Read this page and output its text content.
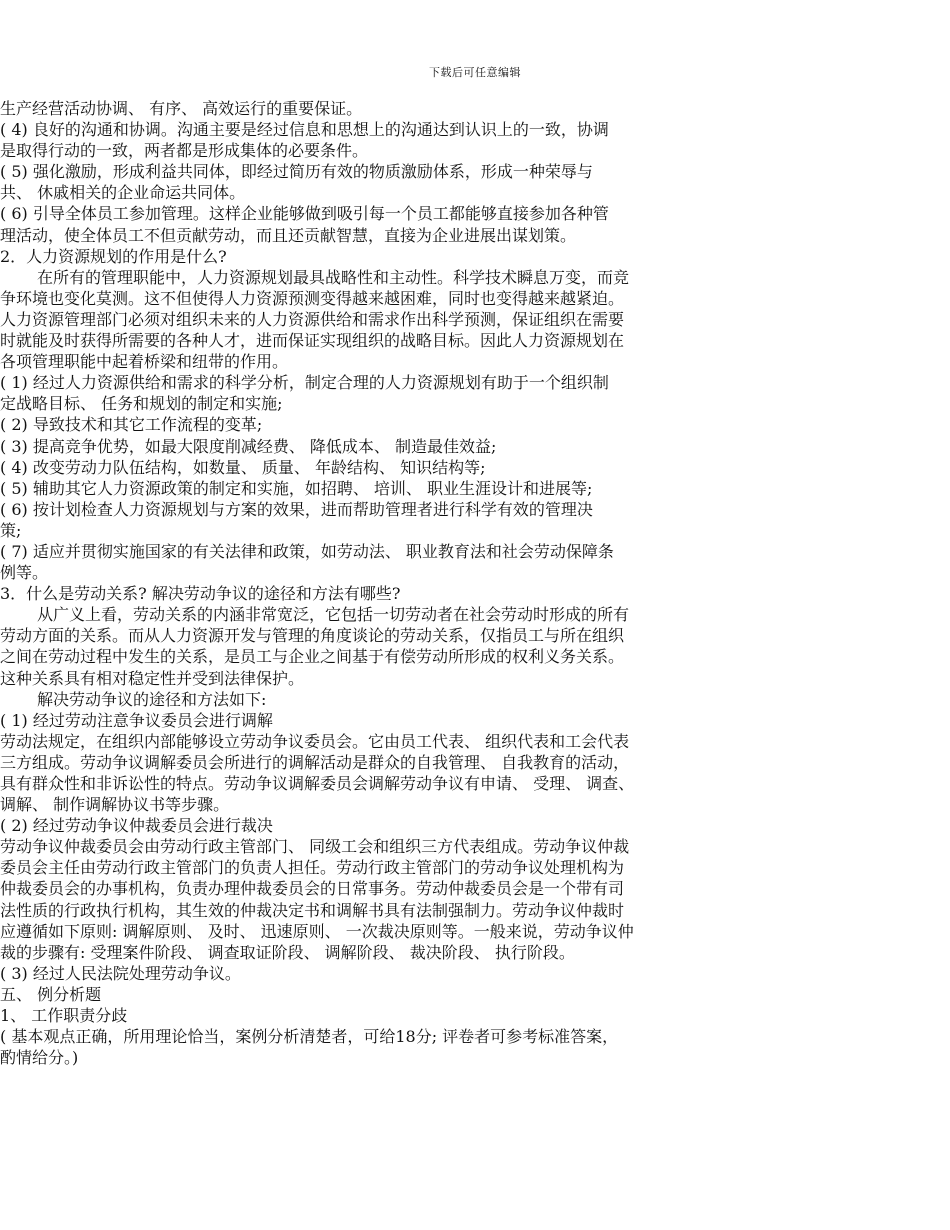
下载后可任意编辑
生产经营活动协调、 有序、 高效运行的重要保证。
( 4) 良好的沟通和协调。沟通主要是经过信息和思想上的沟通达到认识上的一致，协调
是取得行动的一致，两者都是形成集体的必要条件。
( 5) 强化激励，形成利益共同体，即经过简历有效的物质激励体系，形成一种荣辱与
共、 休戚相关的企业命运共同体。
( 6) 引导全体员工参加管理。这样企业能够做到吸引每一个员工都能够直接参加各种管
理活动，使全体员工不但贡献劳动，而且还贡献智慧，直接为企业进展出谋划策。
2．人力资源规划的作用是什么?
在所有的管理职能中，人力资源规划最具战略性和主动性。科学技术瞬息万变，而竞
争环境也变化莫测。这不但使得人力资源预测变得越来越困难，同时也变得越来越紧迫。
人力资源管理部门必须对组织未来的人力资源供给和需求作出科学预测，保证组织在需要
时就能及时获得所需要的各种人才，进而保证实现组织的战略目标。因此人力资源规划在
各项管理职能中起着桥梁和纽带的作用。
( 1) 经过人力资源供给和需求的科学分析，制定合理的人力资源规划有助于一个组织制
定战略目标、 任务和规划的制定和实施;
( 2) 导致技术和其它工作流程的变革;
( 3) 提高竞争优势，如最大限度削减经费、 降低成本、 制造最佳效益;
( 4) 改变劳动力队伍结构，如数量、 质量、 年龄结构、 知识结构等;
( 5) 辅助其它人力资源政策的制定和实施，如招聘、 培训、 职业生涯设计和进展等;
( 6) 按计划检查人力资源规划与方案的效果，进而帮助管理者进行科学有效的管理决
策;
( 7) 适应并贯彻实施国家的有关法律和政策，如劳动法、 职业教育法和社会劳动保障条
例等。
3．什么是劳动关系? 解决劳动争议的途径和方法有哪些?
从广义上看，劳动关系的内涵非常宽泛，它包括一切劳动者在社会劳动时形成的所有
劳动方面的关系。而从人力资源开发与管理的角度谈论的劳动关系，仅指员工与所在组织
之间在劳动过程中发生的关系，是员工与企业之间基于有偿劳动所形成的权利义务关系。
这种关系具有相对稳定性并受到法律保护。
解决劳动争议的途径和方法如下:
( 1) 经过劳动注意争议委员会进行调解
劳动法规定，在组织内部能够设立劳动争议委员会。它由员工代表、 组织代表和工会代表
三方组成。劳动争议调解委员会所进行的调解活动是群众的自我管理、 自我教育的活动，
具有群众性和非诉讼性的特点。劳动争议调解委员会调解劳动争议有申请、 受理、 调查、
调解、 制作调解协议书等步骤。
( 2) 经过劳动争议仲裁委员会进行裁决
劳动争议仲裁委员会由劳动行政主管部门、 同级工会和组织三方代表组成。劳动争议仲裁
委员会主任由劳动行政主管部门的负责人担任。劳动行政主管部门的劳动争议处理机构为
仲裁委员会的办事机构，负责办理仲裁委员会的日常事务。劳动仲裁委员会是一个带有司
法性质的行政执行机构，其生效的仲裁决定书和调解书具有法制强制力。劳动争议仲裁时
应遵循如下原则: 调解原则、 及时、 迅速原则、 一次裁决原则等。一般来说，劳动争议仲
裁的步骤有: 受理案件阶段、 调查取证阶段、 调解阶段、 裁决阶段、 执行阶段。
( 3) 经过人民法院处理劳动争议。
五、 例分析题
1、 工作职责分歧
( 基本观点正确，所用理论恰当，案例分析清楚者，可给18分; 评卷者可参考标准答案，
酌情给分。)
